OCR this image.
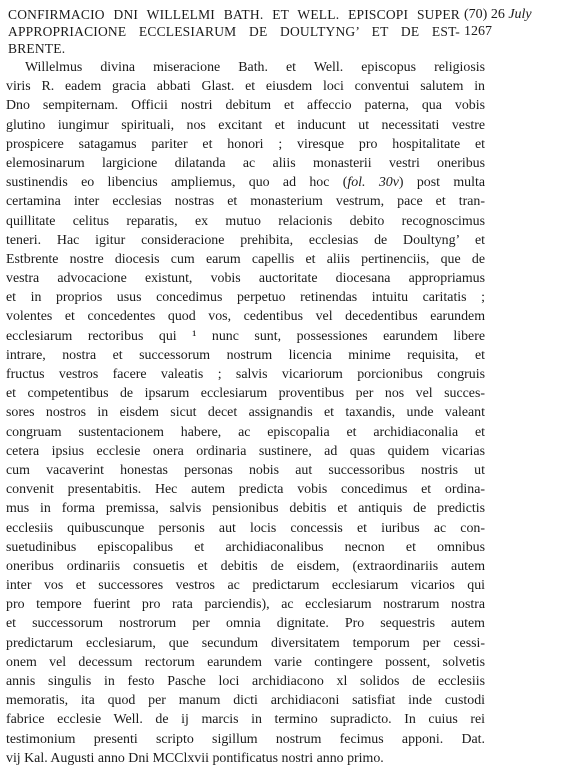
CONFIRMACIO DNI WILLELMI BATH. ET WELL. EPISCOPI SUPER
APPROPRIACIONE ECCLESIARUM DE DOULTYNG’ ET DE EST-
BRENTE.
(70) 26 July
1267
Willelmus divina miseracione Bath. et Well. episcopus religiosis
viris R. eadem gracia abbati Glast. et eiusdem loci conventui salutem in
Dno sempiternam. Officii nostri debitum et affeccio paterna, qua vobis
glutino iungimur spirituali, nos excitant et inducunt ut necessitati vestre
prospicere satagamus pariter et honori ; viresque pro hospitalitate et
elemosinarum largicione dilatanda ac aliis monasterii vestri oneribus
sustinendis eo libencius ampliemus, quo ad hoc (fol. 30v) post multa
certamina inter ecclesias nostras et monasterium vestrum, pace et tran-
quillitate celitus reparatis, ex mutuo relacionis debito recognoscimus
teneri. Hac igitur consideracione prehibita, ecclesias de Doultyng’ et
Estbrente nostre diocesis cum earum capellis et aliis pertinenciis, que de
vestra advocacione existunt, vobis auctoritate diocesana appropriamus
et in proprios usus concedimus perpetuo retinendas intuitu caritatis ;
volentes et concedentes quod vos, cedentibus vel decedentibus earundem
ecclesiarum rectoribus qui ¹ nunc sunt, possessiones earundem libere
intrare, nostra et successorum nostrum licencia minime requisita, et
fructus vestros facere valeatis ; salvis vicariorum porcionibus congruis
et competentibus de ipsarum ecclesiarum proventibus per nos vel succes-
sores nostros in eisdem sicut decet assignandis et taxandis, unde valeant
congruam sustentacionem habere, ac episcopalia et archidiaconalia et
cetera ipsius ecclesie onera ordinaria sustinere, ad quas quidem vicarias
cum vacaverint honestas personas nobis aut successoribus nostris ut
convenit presentabitis. Hec autem predicta vobis concedimus et ordina-
mus in forma premissa, salvis pensionibus debitis et antiquis de predictis
ecclesiis quibuscunque personis aut locis concessis et iuribus ac con-
suetudinibus episcopalibus et archidiaconalibus necnon et omnibus
oneribus ordinariis consuetis et debitis de eisdem, (extraordinariis autem
inter vos et successores vestros ac predictarum ecclesiarum vicarios qui
pro tempore fuerint pro rata parciendis), ac ecclesiarum nostrarum nostra
et successorum nostrorum per omnia dignitate. Pro sequestris autem
predictarum ecclesiarum, que secundum diversitatem temporum per cessi-
onem vel decessum rectorum earundem varie contingere possent, solvetis
annis singulis in festo Pasche loci archidiacono xl solidos de ecclesiis
memoratis, ita quod per manum dicti archidiaconi satisfiat inde custodi
fabrice ecclesie Well. de ij marcis in termino supradicto. In cuius rei
testimonium presenti scripto sigillum nostrum fecimus apponi. Dat.
vij Kal. Augusti anno Dni MCClxvii pontificatus nostri anno primo.
